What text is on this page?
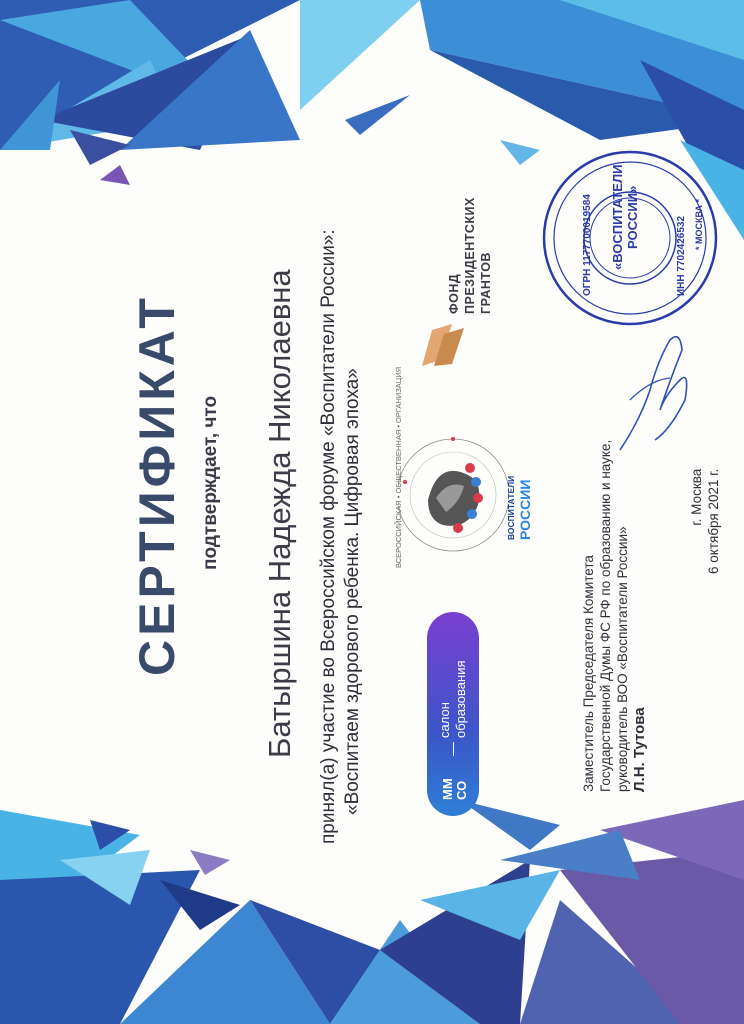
СЕРТИФИКАТ подтверждает, что Батыршина Надежда Николаевна принял(а) участие во Всероссийском форуме «Воспитатели России»: «Воспитаем здорового ребенка. Цифровая эпоха»	ММ СО
салон образования
ВСЕРОССИЙСКАЯ • ОБЩЕСТВЕННАЯ • ОРГАНИЗАЦИЯ	ВОСПИТАТЕЛИ РОССИИ
ФОНД ПРЕЗИДЕНТСКИХ ГРАНТОВ
«ВОСПИТАТЕЛИ РОССИИ»
ОГРН 1177700019584	ИНН 7702426532 * МОСКВА *
Заместитель Председателя Комитета Государственной Думы ФС РФ по образованию и науке, руководитель ВОО «Воспитатели России» Л.Н. Тутова
г. Москва 6 октября 2021 г.
